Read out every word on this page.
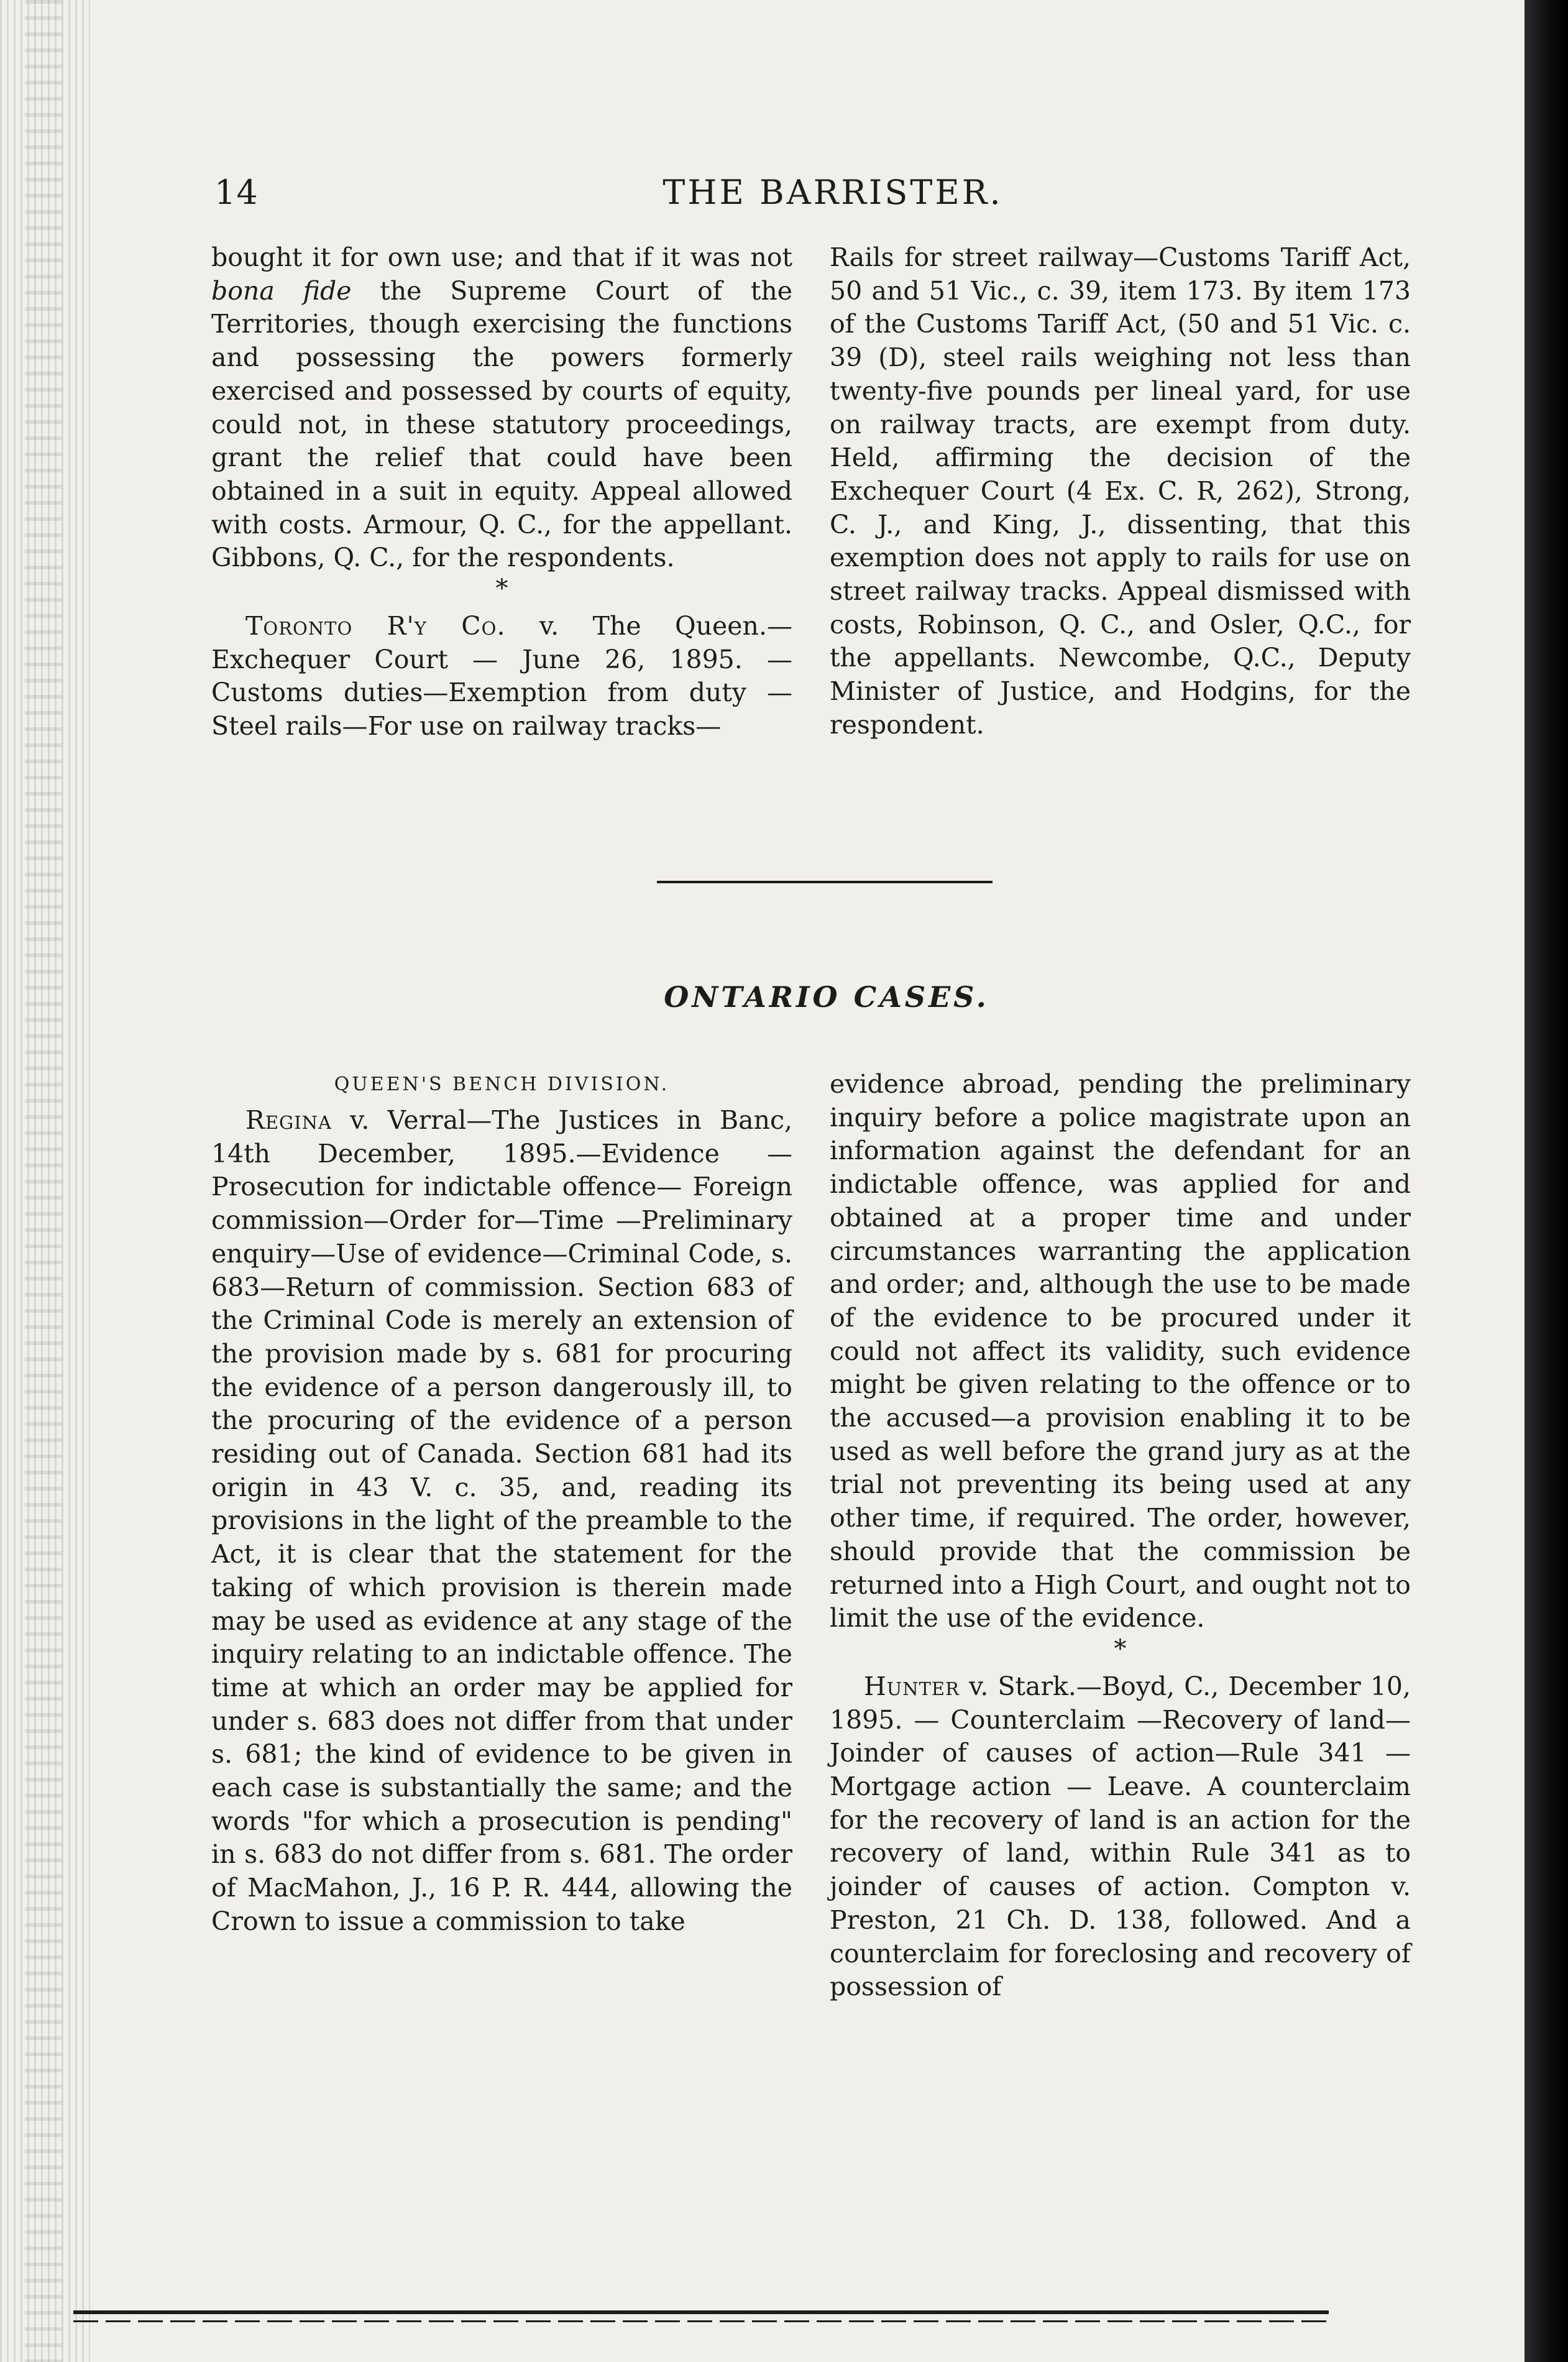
14	THE BARRISTER.

bought it for own use; and that if it was not bona fide the Supreme Court of the Territories, though exercising the functions and possessing the powers formerly exercised and possessed by courts of equity, could not, in these statutory proceedings, grant the relief that could have been obtained in a suit in equity. Appeal allowed with costs. Armour, Q. C., for the appellant. Gibbons, Q. C., for the respondents.

*

Toronto R'y Co. v. The Queen.—Exchequer Court — June 26, 1895. —Customs duties—Exemption from duty —Steel rails—For use on railway tracks—

Rails for street railway—Customs Tariff Act, 50 and 51 Vic., c. 39, item 173. By item 173 of the Customs Tariff Act, (50 and 51 Vic. c. 39 (D), steel rails weighing not less than twenty-five pounds per lineal yard, for use on railway tracts, are exempt from duty. Held, affirming the decision of the Exchequer Court (4 Ex. C. R, 262), Strong, C. J., and King, J., dissenting, that this exemption does not apply to rails for use on street railway tracks. Appeal dismissed with costs, Robinson, Q. C., and Osler, Q.C., for the appellants. Newcombe, Q.C., Deputy Minister of Justice, and Hodgins, for the respondent.

ONTARIO CASES.
QUEEN'S BENCH DIVISION.

Regina v. Verral—The Justices in Banc, 14th December, 1895.—Evidence —Prosecution for indictable offence— Foreign commission—Order for—Time —Preliminary enquiry—Use of evidence—Criminal Code, s. 683—Return of commission. Section 683 of the Criminal Code is merely an extension of the provision made by s. 681 for procuring the evidence of a person dangerously ill, to the procuring of the evidence of a person residing out of Canada. Section 681 had its origin in 43 V. c. 35, and, reading its provisions in the light of the preamble to the Act, it is clear that the statement for the taking of which provision is therein made may be used as evidence at any stage of the inquiry relating to an indictable offence. The time at which an order may be applied for under s. 683 does not differ from that under s. 681; the kind of evidence to be given in each case is substantially the same; and the words "for which a prosecution is pending" in s. 683 do not differ from s. 681. The order of MacMahon, J., 16 P. R. 444, allowing the Crown to issue a commission to take

evidence abroad, pending the preliminary inquiry before a police magistrate upon an information against the defendant for an indictable offence, was applied for and obtained at a proper time and under circumstances warranting the application and order; and, although the use to be made of the evidence to be procured under it could not affect its validity, such evidence might be given relating to the offence or to the accused—a provision enabling it to be used as well before the grand jury as at the trial not preventing its being used at any other time, if required. The order, however, should provide that the commission be returned into a High Court, and ought not to limit the use of the evidence.

*

Hunter v. Stark.—Boyd, C., December 10, 1895. — Counterclaim —Recovery of land—Joinder of causes of action—Rule 341 — Mortgage action — Leave. A counterclaim for the recovery of land is an action for the recovery of land, within Rule 341 as to joinder of causes of action. Compton v. Preston, 21 Ch. D. 138, followed. And a counterclaim for foreclosing and recovery of possession of
